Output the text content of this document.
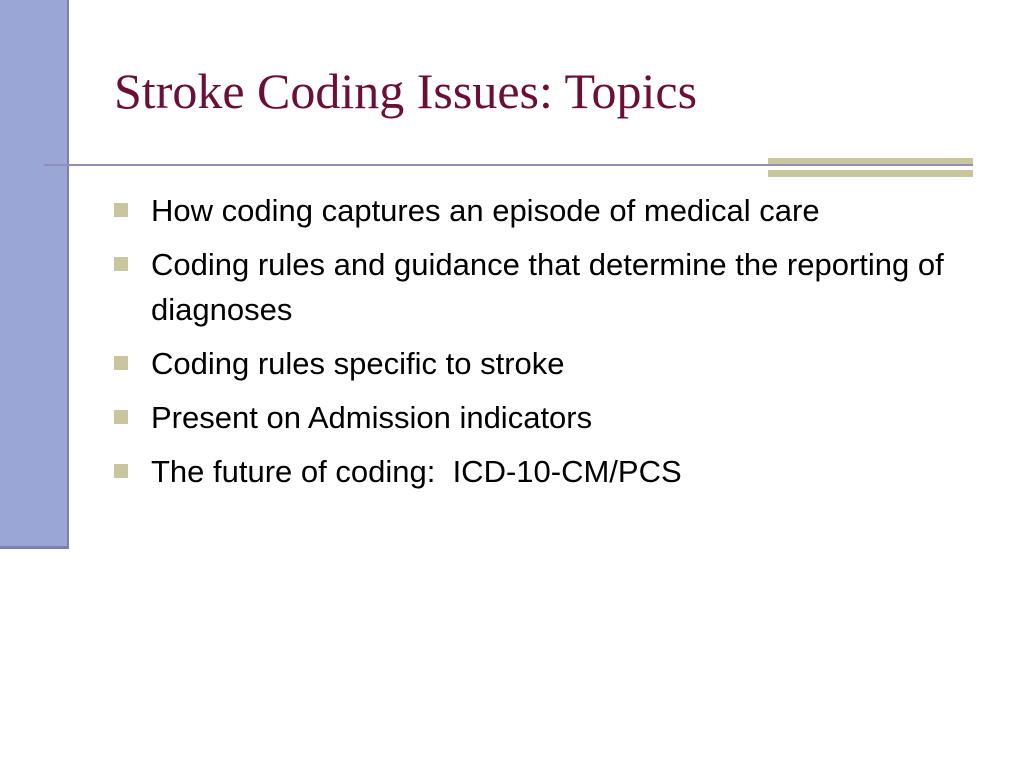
Stroke Coding Issues: Topics
How coding captures an episode of medical care
Coding rules and guidance that determine the reporting of diagnoses
Coding rules specific to stroke
Present on Admission indicators
The future of coding:  ICD-10-CM/PCS
